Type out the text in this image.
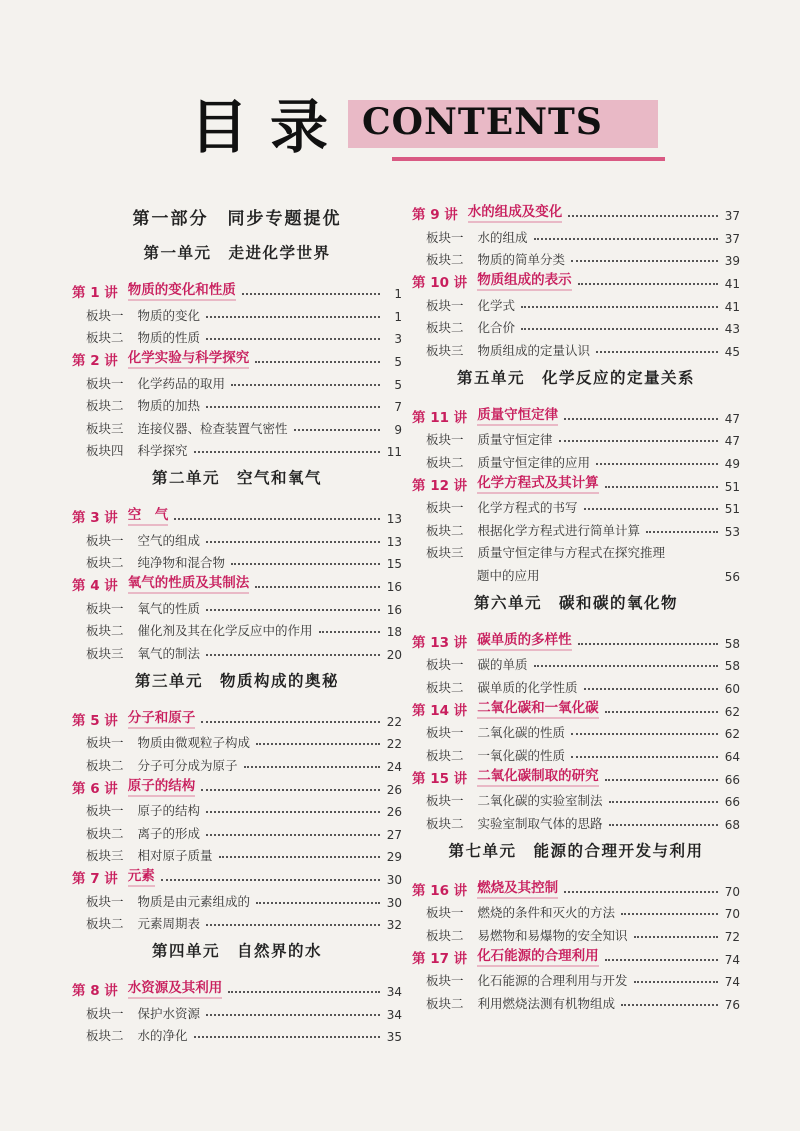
目录 CONTENTS
第一部分　同步专题提优
第一单元　走进化学世界
第 1 讲 物质的变化和性质	1
板块一 物质的变化	1
板块二 物质的性质	3
第 2 讲 化学实验与科学探究	5
板块一 化学药品的取用	5
板块二 物质的加热	7
板块三 连接仪器、检查装置气密性	9
板块四 科学探究	11
第二单元　空气和氧气
第 3 讲 空　气	13
板块一 空气的组成	13
板块二 纯净物和混合物	15
第 4 讲 氧气的性质及其制法	16
板块一 氧气的性质	16
板块二 催化剂及其在化学反应中的作用	18
板块三 氧气的制法	20
第三单元　物质构成的奥秘
第 5 讲 分子和原子	22
板块一 物质由微观粒子构成	22
板块二 分子可分成为原子	24
第 6 讲 原子的结构	26
板块一 原子的结构	26
板块二 离子的形成	27
板块三 相对原子质量	29
第 7 讲 元素	30
板块一 物质是由元素组成的	30
板块二 元素周期表	32
第四单元　自然界的水
第 8 讲 水资源及其利用	34
板块一 保护水资源	34
板块二 水的净化	35
第 9 讲 水的组成及变化	37
板块一 水的组成	37
板块二 物质的简单分类	39
第 10 讲 物质组成的表示	41
板块一 化学式	41
板块二 化合价	43
板块三 物质组成的定量认识	45
第五单元　化学反应的定量关系
第 11 讲 质量守恒定律	47
板块一 质量守恒定律	47
板块二 质量守恒定律的应用	49
第 12 讲 化学方程式及其计算	51
板块一 化学方程式的书写	51
板块二 根据化学方程式进行简单计算	53
板块三 质量守恒定律与方程式在探究推理
题中的应用	56
第六单元　碳和碳的氧化物
第 13 讲 碳单质的多样性	58
板块一 碳的单质	58
板块二 碳单质的化学性质	60
第 14 讲 二氧化碳和一氧化碳	62
板块一 二氧化碳的性质	62
板块二 一氧化碳的性质	64
第 15 讲 二氧化碳制取的研究	66
板块一 二氧化碳的实验室制法	66
板块二 实验室制取气体的思路	68
第七单元　能源的合理开发与利用
第 16 讲 燃烧及其控制	70
板块一 燃烧的条件和灭火的方法	70
板块二 易燃物和易爆物的安全知识	72
第 17 讲 化石能源的合理利用	74
板块一 化石能源的合理利用与开发	74
板块二 利用燃烧法测有机物组成	76
